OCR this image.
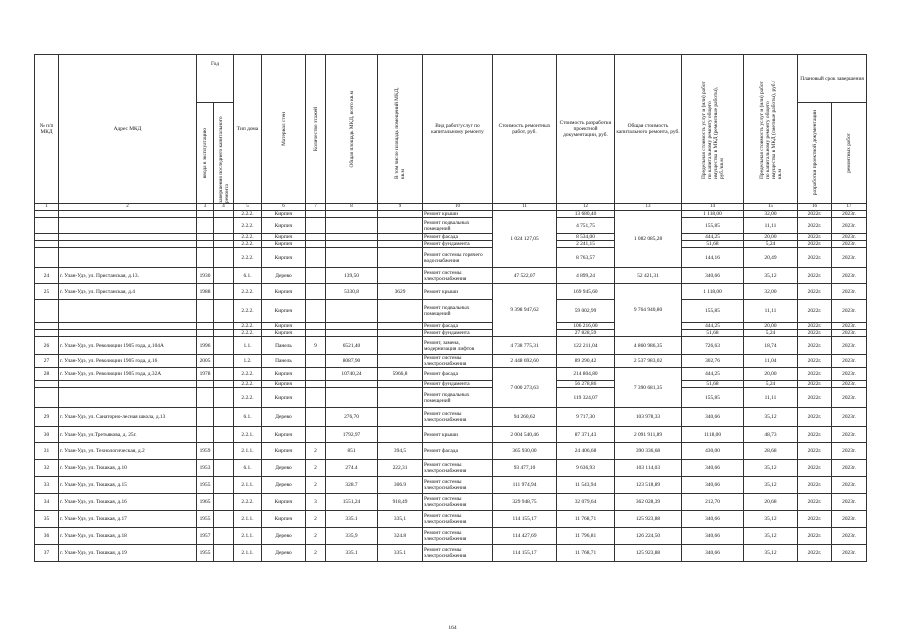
№ п/п МКД	Адрес МКД	Год		Тип дома	Материал стен	Количество этажей	Общая площадь МКД, всего кв.м	В том числе площадь помещений МКД, кв.м	Вид работ/услуг по капитальному ремонту	Стоимость ремонтных работ, руб.	Стоимость разработки проектной документации, руб.	Общая стоимость капитального ремонта, руб.	Предельная стоимость услуг и (или) работ по капитальному ремонту общего имущества в МКД (ремонтные работы), руб./кв.м	Предельная стоимость услуг и (или) работ по капитальному ремонту общего имущества в МКД (сметные работы), руб./кв.м	Плановый срок завершения	

		ввода в эксплуатацию	завершения последнего капитального ремонта												разработки проектной документации	ремонтных работ

1	2	3	4	5	6	7	8	9	10	11	12	13	14	15	16	17
				2.2.2.	Кирпич				Ремонт крыши	1 024 127,05	13 680,40	1 082 085,28	1 118,00	32,00	2022г.	2023г.
				2.2.2.	Кирпич				Ремонт подвальных помещений		4 751,75		155,85	11,11	2022г.	2023г.
				2.2.2.	Кирпич				Ремонт фасада		8 534,00		444,25	20,00	2022г.	2023г.
				2.2.2.	Кирпич				Ремонт фундамента		2 241,15		51,68	5,24	2022г.	2023г.
				2.2.2.	Кирпич				Ремонт системы горячего водоснабжения		8 763,57		144,16	20,49	2022г.	2023г.
24	г. Улан-Удэ, ул. Пристанская, д.13.	1930		6.1.	Дерево		139,50		Ремонт системы электроснабжения	47 522,07	4 899,24	52 421,31	340,66	35,12	2022г.	2023г.
25	г. Улан-Удэ, ул. Пристанская, д.4	1988		2.2.2.	Кирпич		5330,8	3629	Ремонт крыши	9 398 947,62	169 945,60	9 764 940,80	1 118,00	32,00	2022г.	2023г.
				2.2.2.	Кирпич				Ремонт подвальных помещений		59 002,99		155,85	11,11	2022г.	2023г.
				2.2.2.	Кирпич				Ремонт фасада		106 216,00		444,25	20,00	2022г.	2023г.
				2.2.2.	Кирпич				Ремонт фундамента		27 828,59		51,68	5,24	2022г.	2023г.
26	г. Улан-Удэ, ул. Революции 1905 года, д.104А	1996		1.1.	Панель	9	6521,40		Ремонт, замена, модернизация лифтов	4 738 775,31	122 211,04	4 860 986,35	726,63	18,74	2022г.	2023г.
27	г. Улан-Удэ, ул. Революции 1905 года, д.16	2005		1.2.	Панель		8087,90		Ремонт системы электроснабжения	2 448 692,60	89 290,42	2 537 983,02	302,76	11,04	2022г.	2023г.
28	г. Улан-Удэ, ул. Революции 1905 года, д.32А	1978		2.2.2.	Кирпич		10740,24	5966,8	Ремонт фасада	7 000 273,63	214 804,80	7 390 681,35	444,25	20,00	2022г.	2023г.
				2.2.2.	Кирпич				Ремонт фундамента		56 278,86		51,68	5,24	2022г.	2023г.
				2.2.2.	Кирпич				Ремонт подвальных помещений		119 324,07		155,85	11,11	2022г.	2023г.
29	г. Улан-Удэ, ул. Санаторно-лесная школа, д.13			6.1.	Дерево		276,70		Ремонт системы электроснабжения	94 260,62	9 717,30	103 978,33	340,66	35,12	2022г.	2023г.
30	г. Улан-Удэ, ул.Третьякова, д. 25г.			2.2.1.	Кирпич		1792,97		Ремонт крыши	2 004 540,46	87 371,43	2 091 911,89	1118,00	48,73	2022г.	2023г.
31	г. Улан-Удэ, ул. Технологическая, д.2	1959		2.1.1.	Кирпич	2	851	394,5	Ремонт фасада	365 930,00	24 406,68	390 336,68	430,00	28,68	2022г.	2023г.
32	г. Улан-Удэ, ул. Тюшкая, д.10	1953		6.1.	Дерево	2	274.4	222,31	Ремонт системы электроснабжения	93 477,10	9 636,93	103 114,03	340,66	35,12	2022г.	2023г.
33	г. Улан-Удэ, ул. Тюшкая, д.15	1955		2.1.1.	Дерево	2	328.7	306.9	Ремонт системы электроснабжения	111 974,94	11 543,94	123 518,89	340,66	35,12	2022г.	2023г.
34	г. Улан-Удэ, ул. Тюшкая, д.16	1965		2.2.2.	Кирпич	3	1551,24	918,49	Ремонт системы электроснабжения	329 948,75	32 079,64	362 028,39	212,70	20,68	2022г.	2023г.
35	г. Улан-Удэ, ул. Тюшкая, д.17	1955		2.1.1.	Кирпич	2	335.1	335,1	Ремонт системы электроснабжения	114 155,17	11 768,71	125 923,88	340,66	35,12	2022г.	2023г.
36	г. Улан-Удэ, ул. Тюшкая, д.18	1957		2.1.1.	Дерево	2	335,9	324.8	Ремонт системы электроснабжения	114 427,69	11 796,81	126 224,50	340,66	35,12	2022г.	2023г.
37	г. Улан-Удэ, ул. Тюшкая, д.19	1955		2.1.1.	Дерево	2	335.1	335.1	Ремонт системы электроснабжения	114 155,17	11 768,71	125 923,88	340,66	35,12	2022г.	2023г.
164
